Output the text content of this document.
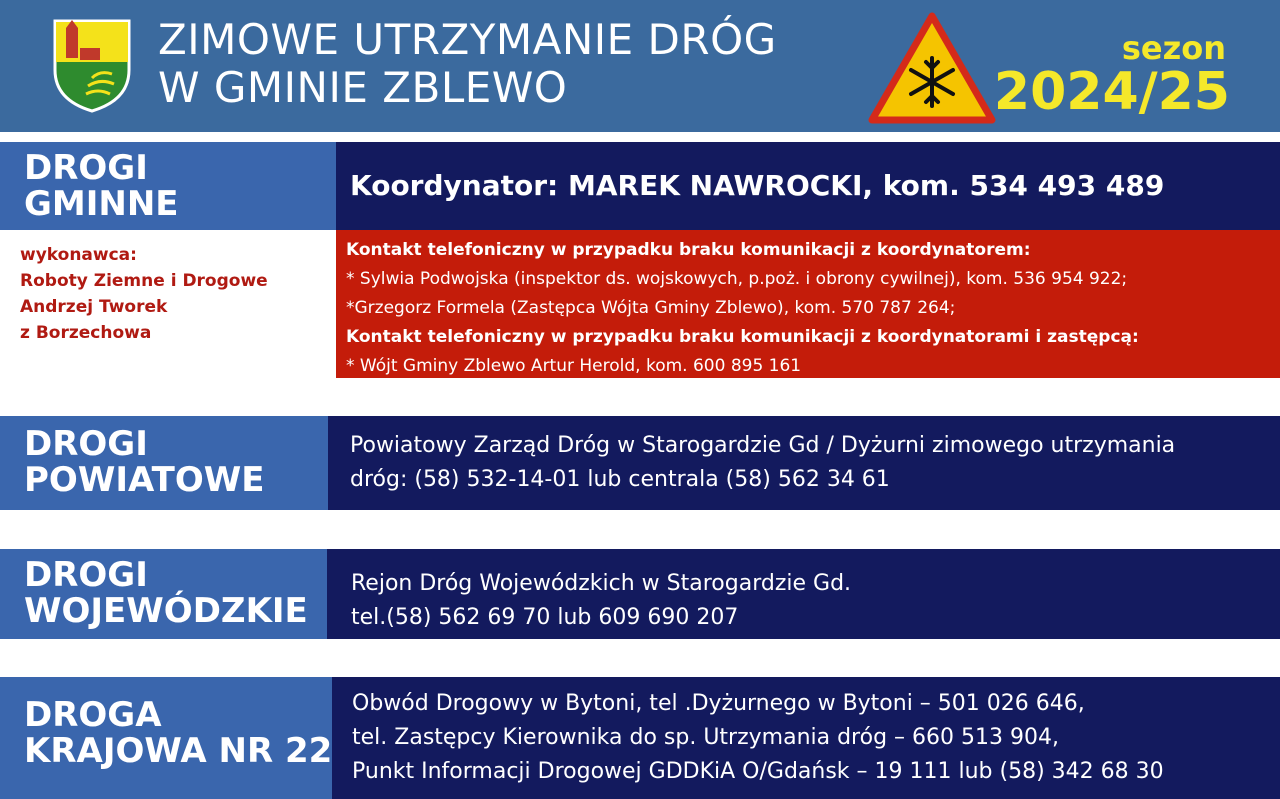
ZIMOWE UTRZYMANIE DRÓG
W GMINIE ZBLEWO
sezon
2024/25
DROGI
GMINNE	Koordynator: MAREK NAWROCKI, kom. 534 493 489
wykonawca:
Roboty Ziemne i Drogowe
Andrzej Tworek
z Borzechowa
Kontakt telefoniczny w przypadku braku komunikacji z koordynatorem:
* Sylwia Podwojska (inspektor ds. wojskowych, p.poż. i obrony cywilnej), kom. 536 954 922;
*Grzegorz Formela (Zastępca Wójta Gminy Zblewo), kom. 570 787 264;
Kontakt telefoniczny w przypadku braku komunikacji z koordynatorami i zastępcą:
* Wójt Gminy Zblewo Artur Herold, kom. 600 895 161
DROGI
POWIATOWE
Powiatowy Zarząd Dróg w Starogardzie Gd / Dyżurni zimowego utrzymania
dróg: (58) 532-14-01 lub centrala (58) 562 34 61
DROGI
WOJEWÓDZKIE
Rejon Dróg Wojewódzkich w Starogardzie Gd.
tel.(58) 562 69 70 lub 609 690 207
DROGA
KRAJOWA NR 22
Obwód Drogowy w Bytoni, tel .Dyżurnego w Bytoni – 501 026 646,
tel. Zastępcy Kierownika do sp. Utrzymania dróg – 660 513 904,
Punkt Informacji Drogowej GDDKiA O/Gdańsk – 19 111 lub (58) 342 68 30
